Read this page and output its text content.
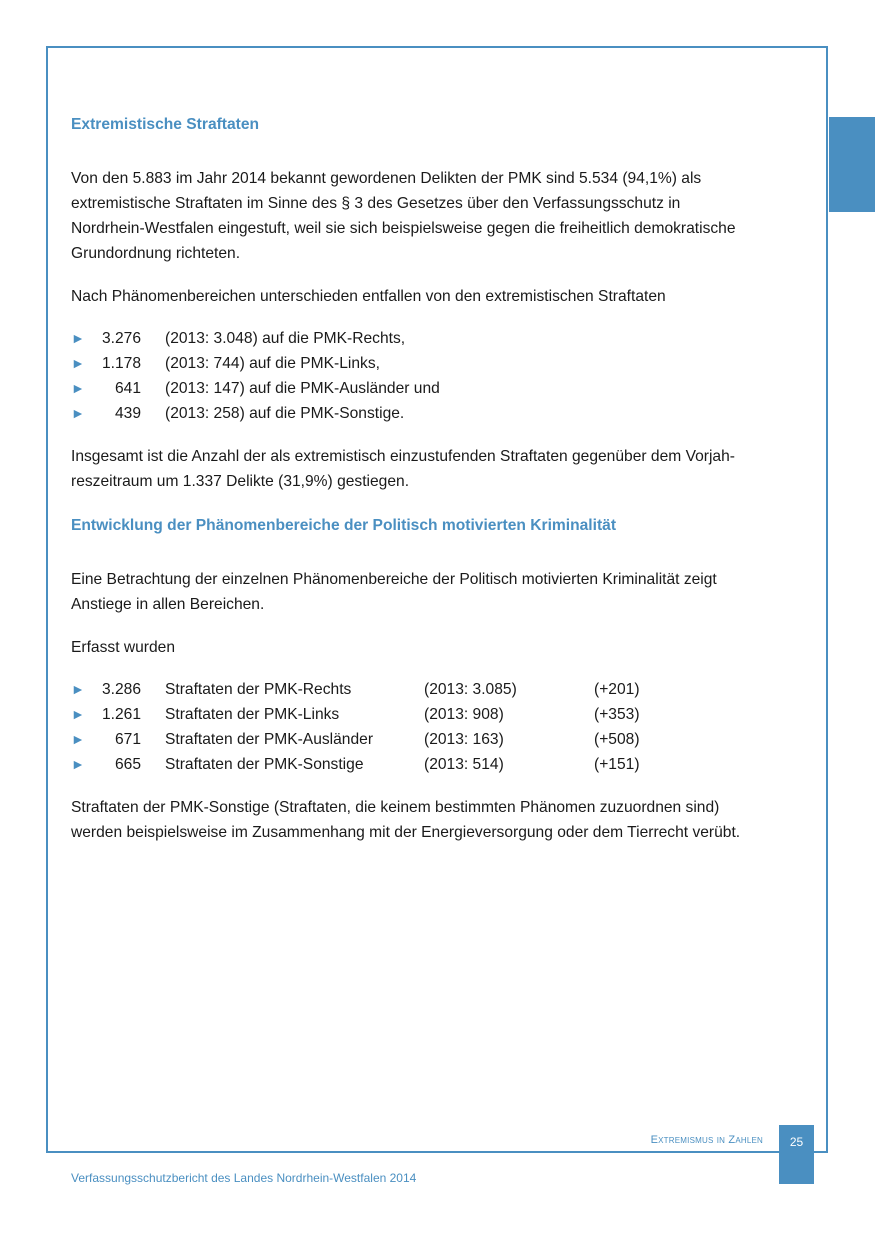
Extremistische Straftaten

Von den 5.883 im Jahr 2014 bekannt gewordenen Delikten der PMK sind 5.534 (94,1%) als
extremistische Straftaten im Sinne des § 3 des Gesetzes über den Verfassungsschutz in
Nordrhein-Westfalen eingestuft, weil sie sich beispielsweise gegen die freiheitlich demokratische
Grundordnung richteten.

Nach Phänomenbereichen unterschieden entfallen von den extremistischen Straftaten

►	3.276 (2013: 3.048) auf die PMK-Rechts,
►	1.178 (2013: 744) auf die PMK-Links,
►	641 (2013: 147) auf die PMK-Ausländer und
►	439 (2013: 258) auf die PMK-Sonstige.

Insgesamt ist die Anzahl der als extremistisch einzustufenden Straftaten gegenüber dem Vorjah-
reszeitraum um 1.337 Delikte (31,9%) gestiegen.

Entwicklung der Phänomenbereiche der Politisch motivierten Kriminalität

Eine Betrachtung der einzelnen Phänomenbereiche der Politisch motivierten Kriminalität zeigt
Anstiege in allen Bereichen.

Erfasst wurden

►	3.286 Straftaten der PMK-Rechts	(2013: 3.085)	(+201)
►	1.261 Straftaten der PMK-Links	(2013: 908)	(+353)
►	671 Straftaten der PMK-Ausländer	(2013: 163)	(+508)
►	665 Straftaten der PMK-Sonstige	(2013: 514)	(+151)

Straftaten der PMK-Sonstige (Straftaten, die keinem bestimmten Phänomen zuzuordnen sind)
werden beispielsweise im Zusammenhang mit der Energieversorgung oder dem Tierrecht verübt.

Extremismus in Zahlen	25
Verfassungsschutzbericht des Landes Nordrhein-Westfalen 2014
